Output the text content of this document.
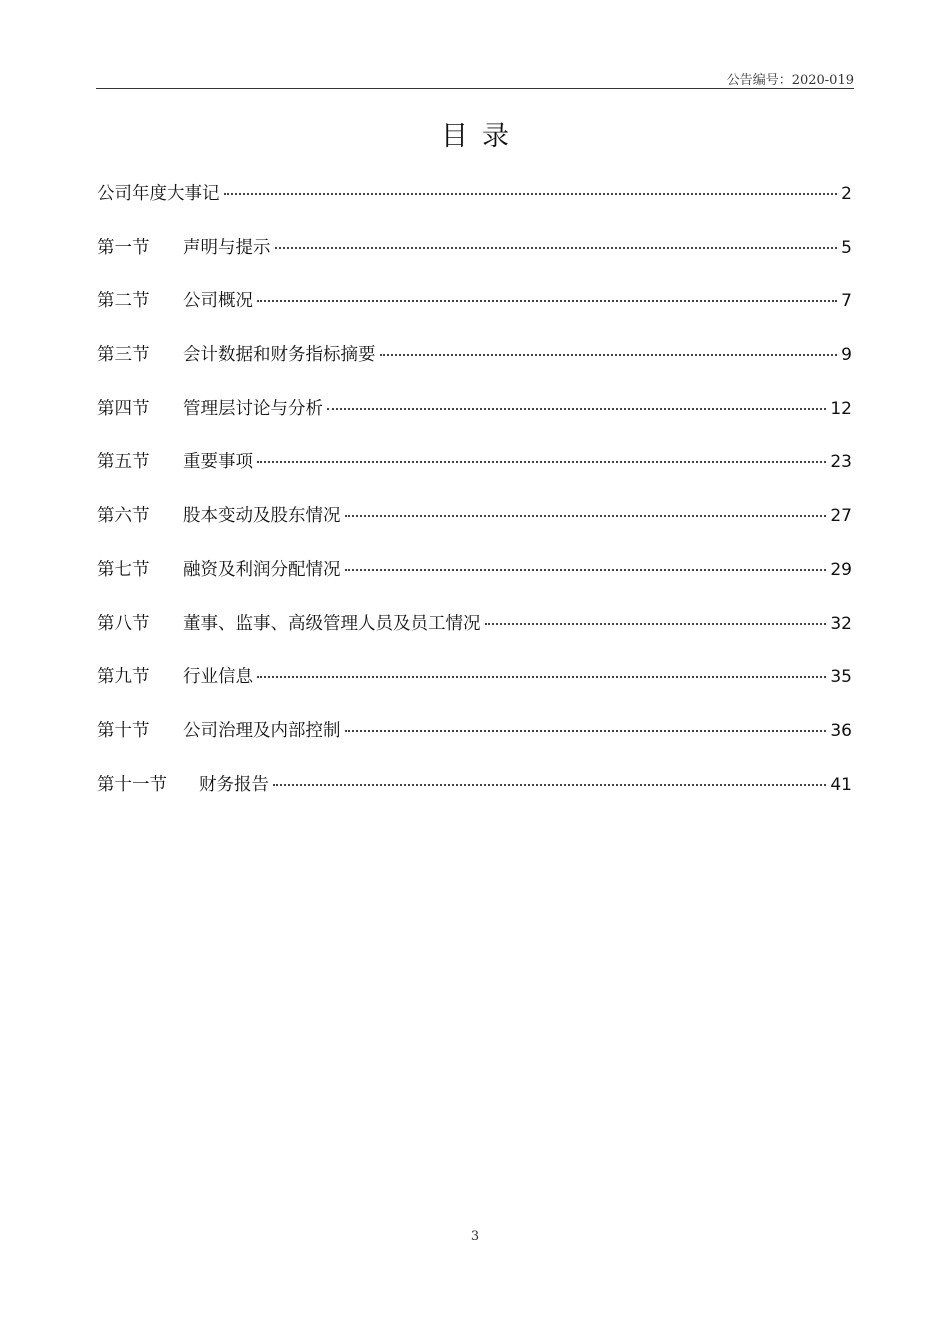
公告编号：2020-019
目录
公司年度大事记	2
第一节	声明与提示	5
第二节	公司概况	7
第三节	会计数据和财务指标摘要	9
第四节	管理层讨论与分析	12
第五节	重要事项	23
第六节	股本变动及股东情况	27
第七节	融资及利润分配情况	29
第八节	董事、监事、高级管理人员及员工情况	32
第九节	行业信息	35
第十节	公司治理及内部控制	36
第十一节	财务报告	41
3
